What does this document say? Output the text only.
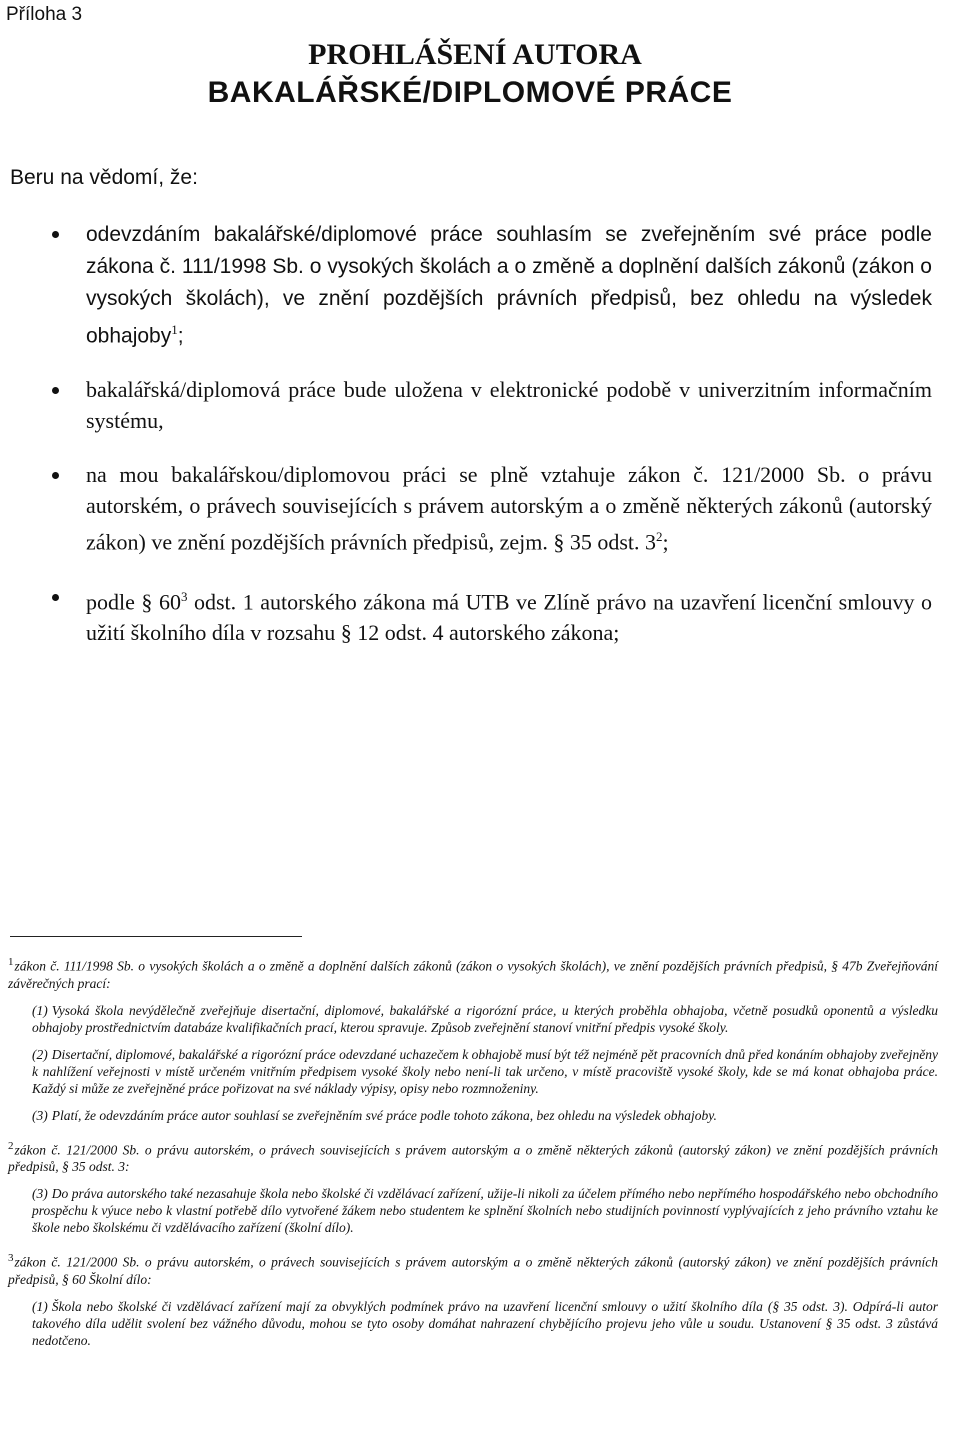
Příloha 3
PROHLÁŠENÍ AUTORA
BAKALÁŘSKÉ/DIPLOMOVÉ PRÁCE
Beru na vědomí, že:
odevzdáním bakalářské/diplomové práce souhlasím se zveřejněním své práce podle zákona č. 111/1998 Sb. o vysokých školách a o změně a doplnění dalších zákonů (zákon o vysokých školách), ve znění pozdějších právních předpisů, bez ohledu na výsledek obhajoby$^1$;
bakalářská/diplomová práce bude uložena v elektronické podobě v univerzitním informačním systému,
na mou bakalářskou/diplomovou práci se plně vztahuje zákon č. 121/2000 Sb. o právu autorském, o právech souvisejících s právem autorským a o změně některých zákonů (autorský zákon) ve znění pozdějších právních předpisů, zejm. § 35 odst. $3^2$;
podle § $60^3$ odst. 1 autorského zákona má UTB ve Zlíně právo na uzavření licenční smlouvy o užití školního díla v rozsahu § 12 odst. 4 autorského zákona;
$^1$zákon č. 111/1998 Sb. o vysokých školách a o změně a doplnění dalších zákonů (zákon o vysokých školách), ve znění pozdějších právních předpisů, § 47b Zveřejňování závěrečných prací:
(1) Vysoká škola nevýdělečně zveřejňuje disertační, diplomové, bakalářské a rigorózní práce, u kterých proběhla obhajoba, včetně posudků oponentů a výsledku obhajoby prostřednictvím databáze kvalifikačních prací, kterou spravuje. Způsob zveřejnění stanoví vnitřní předpis vysoké školy.
(2) Disertační, diplomové, bakalářské a rigorózní práce odevzdané uchazečem k obhajobě musí být též nejméně pět pracovních dnů před konáním obhajoby zveřejněny k nahlížení veřejnosti v místě určeném vnitřním předpisem vysoké školy nebo není-li tak určeno, v místě pracoviště vysoké školy, kde se má konat obhajoba práce. Každý si může ze zveřejněné práce pořizovat na své náklady výpisy, opisy nebo rozmnoženiny.
(3) Platí, že odevzdáním práce autor souhlasí se zveřejněním své práce podle tohoto zákona, bez ohledu na výsledek obhajoby.
$^2$zákon č. 121/2000 Sb. o právu autorském, o právech souvisejících s právem autorským a o změně některých zákonů (autorský zákon) ve znění pozdějších právních předpisů, § 35 odst. 3:
(3) Do práva autorského také nezasahuje škola nebo školské či vzdělávací zařízení, užije-li nikoli za účelem přímého nebo nepřímého hospodářského nebo obchodního prospěchu k výuce nebo k vlastní potřebě dílo vytvořené žákem nebo studentem ke splnění školních nebo studijních povinností vyplývajících z jeho právního vztahu ke škole nebo školskému či vzdělávacího zařízení (školní dílo).
$^3$zákon č. 121/2000 Sb. o právu autorském, o právech souvisejících s právem autorským a o změně některých zákonů (autorský zákon) ve znění pozdějších právních předpisů, § 60 Školní dílo:
(1) Škola nebo školské či vzdělávací zařízení mají za obvyklých podmínek právo na uzavření licenční smlouvy o užití školního díla (§ 35 odst. 3). Odpírá-li autor takového díla udělit svolení bez vážného důvodu, mohou se tyto osoby domáhat nahrazení chybějícího projevu jeho vůle u soudu. Ustanovení § 35 odst. 3 zůstává nedotčeno.
